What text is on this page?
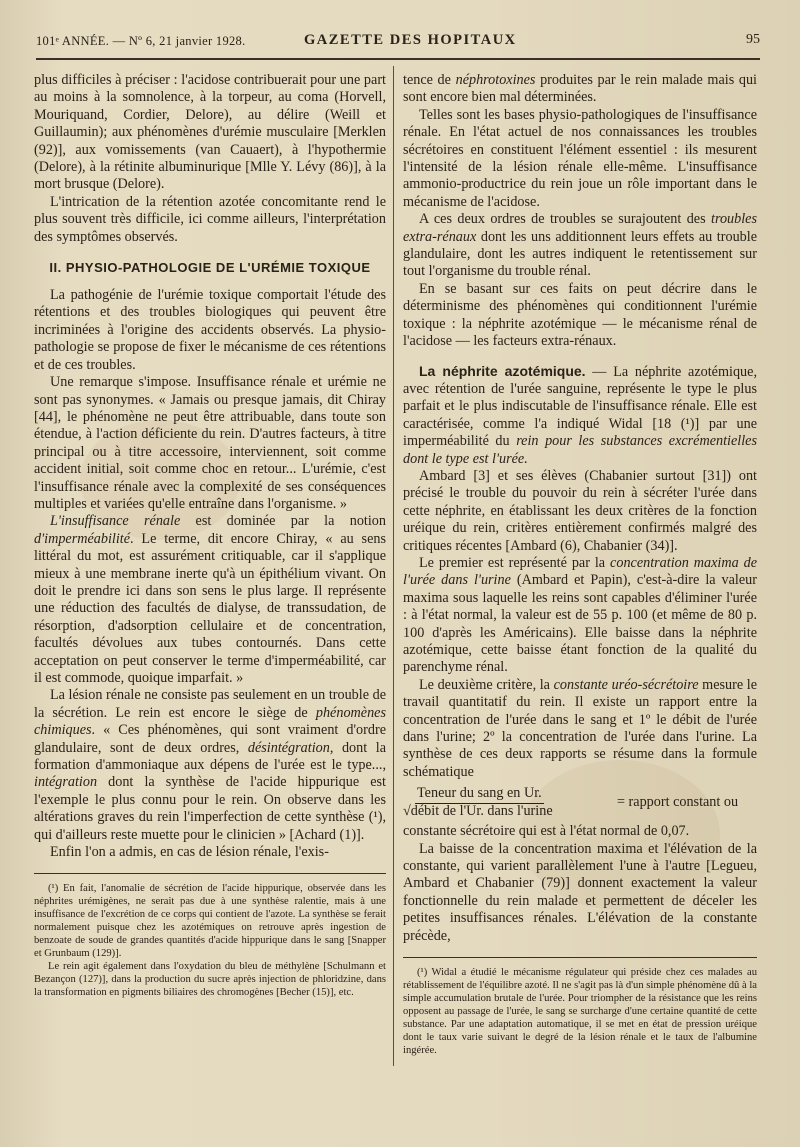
101ᵉ ANNÉE. — Nº 6, 21 janvier 1928.	GAZETTE DES HOPITAUX	95

plus difficiles à préciser : l'acidose contribuerait pour une part au moins à la somnolence, à la torpeur, au coma (Horvell, Mouriquand, Cordier, Delore), au délire (Weill et Guillaumin); aux phénomènes d'urémie musculaire [Merklen (92)], aux vomissements (van Cauaert), à l'hypothermie (Delore), à la rétinite albuminurique [Mlle Y. Lévy (86)], à la mort brusque (Delore).

L'intrication de la rétention azotée concomitante rend le plus souvent très difficile, ici comme ailleurs, l'interprétation des symptômes observés.

II. PHYSIO-PATHOLOGIE DE L'URÉMIE TOXIQUE

La pathogénie de l'urémie toxique comportait l'étude des rétentions et des troubles biologiques qui peuvent être incriminées à l'origine des accidents observés. La physio-pathologie se propose de fixer le mécanisme de ces rétentions et de ces troubles.

Une remarque s'impose. Insuffisance rénale et urémie ne sont pas synonymes. « Jamais ou presque jamais, dit Chiray [44], le phénomène ne peut être attribuable, dans toute son étendue, à l'action déficiente du rein. D'autres facteurs, à titre principal ou à titre accessoire, interviennent, soit comme accident initial, soit comme choc en retour... L'urémie, c'est l'insuffisance rénale avec la complexité de ses conséquences multiples et variées qu'elle entraîne dans l'organisme. »

L'insuffisance rénale est dominée par la notion d'imperméabilité. Le terme, dit encore Chiray, « au sens littéral du mot, est assurément critiquable, car il s'applique mieux à une membrane inerte qu'à un épithélium vivant. On doit le prendre ici dans son sens le plus large. Il représente une réduction des facultés de dialyse, de transsudation, de résorption, d'adsorption cellulaire et de concentration, facultés dévolues aux tubes contournés. Dans cette acceptation on peut conserver le terme d'imperméabilité, car il est commode, quoique imparfait. »

La lésion rénale ne consiste pas seulement en un trouble de la sécrétion. Le rein est encore le siège de phénomènes chimiques. « Ces phénomènes, qui sont vraiment d'ordre glandulaire, sont de deux ordres, désintégration, dont la formation d'ammoniaque aux dépens de l'urée est le type..., intégration dont la synthèse de l'acide hippurique est l'exemple le plus connu pour le rein. On observe dans les altérations graves du rein l'imperfection de cette synthèse (¹), qui d'ailleurs reste muette pour le clinicien » [Achard (1)].

Enfin l'on a admis, en cas de lésion rénale, l'exis-

(¹) En fait, l'anomalie de sécrétion de l'acide hippurique, observée dans les néphrites urémigènes, ne serait pas due à une synthèse ralentie, mais à une insuffisance de l'excrétion de ce corps qui contient de l'azote. La synthèse se ferait normalement puisque chez les azotémiques on retrouve après ingestion de benzoate de soude de grandes quantités d'acide hippurique dans le sang [Snapper et Grunbaum (129)].

Le rein agit également dans l'oxydation du bleu de méthylène [Schulmann et Bezançon (127)], dans la production du sucre après injection de phloridzine, dans la transformation en pigments biliaires des chromogènes [Becher (15)], etc.

tence de néphrotoxines produites par le rein malade mais qui sont encore bien mal déterminées.

Telles sont les bases physio-pathologiques de l'insuffisance rénale. En l'état actuel de nos connaissances les troubles sécrétoires en constituent l'élément essentiel : ils mesurent l'intensité de la lésion rénale elle-même. L'insuffisance ammonio-productrice du rein joue un rôle important dans le mécanisme de l'acidose.

A ces deux ordres de troubles se surajoutent des troubles extra-rénaux dont les uns additionnent leurs effets au trouble glandulaire, dont les autres indiquent le retentissement sur tout l'organisme du trouble rénal.

En se basant sur ces faits on peut décrire dans le déterminisme des phénomènes qui conditionnent l'urémie toxique : la néphrite azotémique — le mécanisme rénal de l'acidose — les facteurs extra-rénaux.

La néphrite azotémique. — La néphrite azotémique, avec rétention de l'urée sanguine, représente le type le plus parfait et le plus indiscutable de l'insuffisance rénale. Elle est caractérisée, comme l'a indiqué Widal [18 (¹)] par une imperméabilité du rein pour les substances excrémentielles dont le type est l'urée.

Ambard [3] et ses élèves (Chabanier surtout [31]) ont précisé le trouble du pouvoir du rein à sécréter l'urée dans cette néphrite, en établissant les deux critères de la fonction uréique du rein, critères entièrement confirmés malgré des critiques récentes [Ambard (6), Chabanier (34)].

Le premier est représenté par la concentration maxima de l'urée dans l'urine (Ambard et Papin), c'est-à-dire la valeur maxima sous laquelle les reins sont capables d'éliminer l'urée : à l'état normal, la valeur est de 55 p. 100 (et même de 80 p. 100 d'après les Américains). Elle baisse dans la néphrite azotémique, cette baisse étant fonction de la qualité du parenchyme rénal.

Le deuxième critère, la constante uréo-sécrétoire mesure le travail quantitatif du rein. Il existe un rapport entre la concentration de l'urée dans le sang et 1º le débit de l'urée dans l'urine; 2º la concentration de l'urée dans l'urine. La synthèse de ces deux rapports se résume dans la formule schématique

Teneur du sang en Ur.
√débit de l'Ur. dans l'urine
= rapport constant ou

constante sécrétoire qui est à l'état normal de 0,07.

La baisse de la concentration maxima et l'élévation de la constante, qui varient parallèlement l'une à l'autre [Legueu, Ambard et Chabanier (79)] donnent exactement la valeur fonctionnelle du rein malade et permettent de déceler les petites insuffisances rénales. L'élévation de la constante précède,

(¹) Widal a étudié le mécanisme régulateur qui préside chez ces malades au rétablissement de l'équilibre azoté. Il ne s'agit pas là d'un simple phénomène dû à la simple accumulation brutale de l'urée. Pour triompher de la résistance que les reins opposent au passage de l'urée, le sang se surcharge d'une certaine quantité de cette substance. Par une adaptation automatique, il se met en état de pression uréique dont le taux varie suivant le degré de la lésion rénale et le taux de l'albumine ingérée.
